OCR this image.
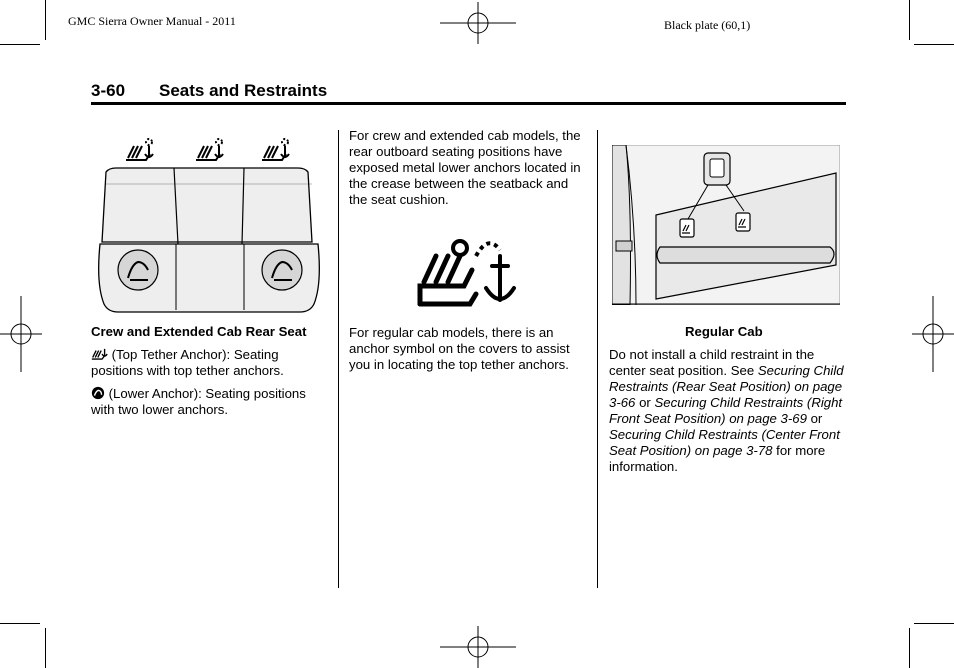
GMC Sierra Owner Manual - 2011	Black plate (60,1)
3-60 Seats and Restraints
Crew and Extended Cab Rear Seat
(Top Tether Anchor): Seating positions with top tether anchors.
(Lower Anchor): Seating positions with two lower anchors.
For crew and extended cab models, the rear outboard seating positions have exposed metal lower anchors located in the crease between the seatback and the seat cushion.
For regular cab models, there is an anchor symbol on the covers to assist you in locating the top tether anchors.
Regular Cab
Do not install a child restraint in the center seat position. See Securing Child Restraints (Rear Seat Position) on page 3-66 or Securing Child Restraints (Right Front Seat Position) on page 3-69 or Securing Child Restraints (Center Front Seat Position) on page 3-78 for more information.
